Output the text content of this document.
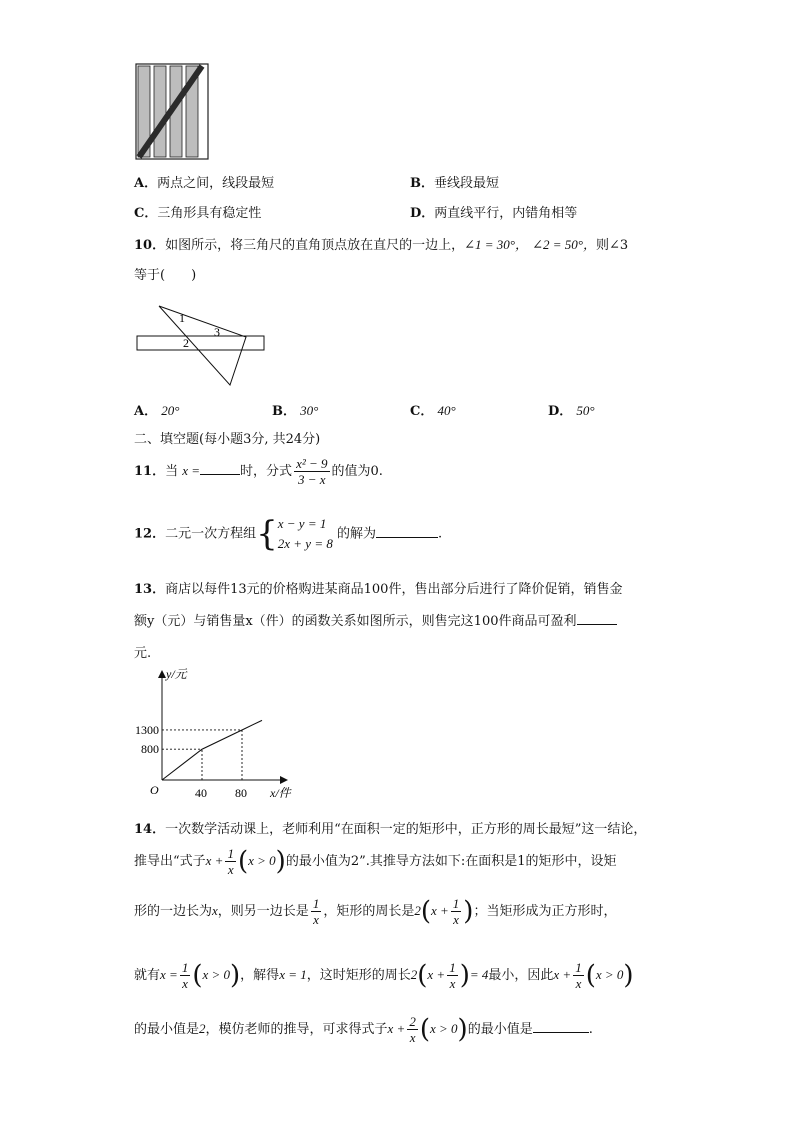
A．两点之间，线段最短	B．垂线段最短
C．三角形具有稳定性	D．两直线平行，内错角相等
10．如图所示，将三角尺的直角顶点放在直尺的一边上，∠1 = 30°， ∠2 = 50°，则∠3
等于(　　)
1
2
3
A． 20°	B． 30°	C． 40°	D． 50°
二、填空题(每小题3分, 共24分)
11．当 x =	时，分式 $\frac{\text{x² − 9}}{3 - x}$ 的值为0.
12．二元一次方程组{ x − y = 1
2x + y = 8
的解为	.
13．商店以每件13元的价格购进某商品100件，售出部分后进行了降价促销，销售金
额y（元）与销售量x（件）的函数关系如图所示，则售完这100件商品可盈利
元.
x/件
y/元
O	40 80
800
1300
14．一次数学活动课上，老师利用“在面积一定的矩形中，正方形的周长最短”这一结论，
推导出“式子$x + \frac{1}{x} (x > 0)$的最小值为2”.其推导方法如下:在面积是1的矩形中，设矩
形的一边长为x，则另一边长是 $\frac{1}{x}$ ，矩形的周长是$2(x + \frac{1}{x}$ )；当矩形成为正方形时，
就有$x = \frac{1}{x} (x > 0)$，解得x = 1，这时矩形的周长$2(x + \frac{1}{x}$ )= 4最小，因此$x + \frac{1}{x} (x > 0)$
的最小值是2，模仿老师的推导，可求得式子$x + \frac{2}{x} (x > 0)$的最小值是	.
